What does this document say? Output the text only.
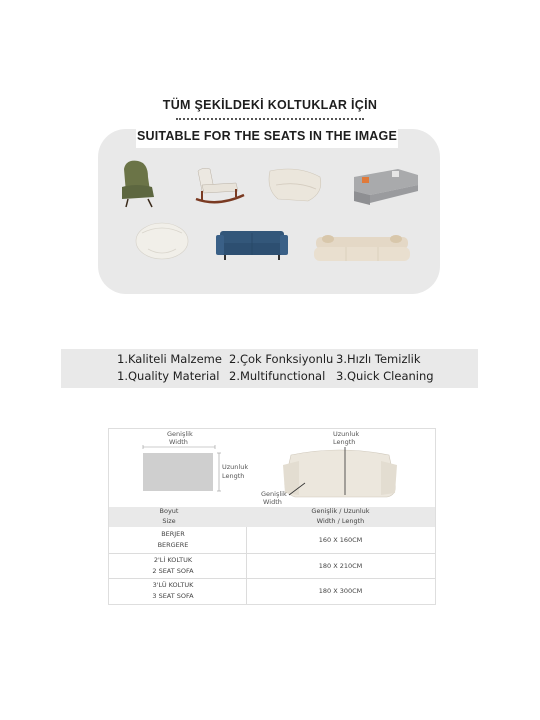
TÜM ŞEKİLDEKİ KOLTUKLAR İÇİN
SUITABLE FOR THE SEATS IN THE IMAGE
1.Kaliteli Malzeme 2.Çok Fonksiyonlu 3.Hızlı Temizlik
1.Quality Material 2.Multifunctional 3.Quick Cleaning
Genişlik
Width
Uzunluk
Length
Uzunluk
Length
Genişlik
Width
Boyut
Size
Genişlik / Uzunluk
Width / Length
BERJER
BERGERE
160 X 160CM
2'Lİ KOLTUK
2 SEAT SOFA
180 X 210CM
3'LÜ KOLTUK
3 SEAT SOFA
180 X 300CM
